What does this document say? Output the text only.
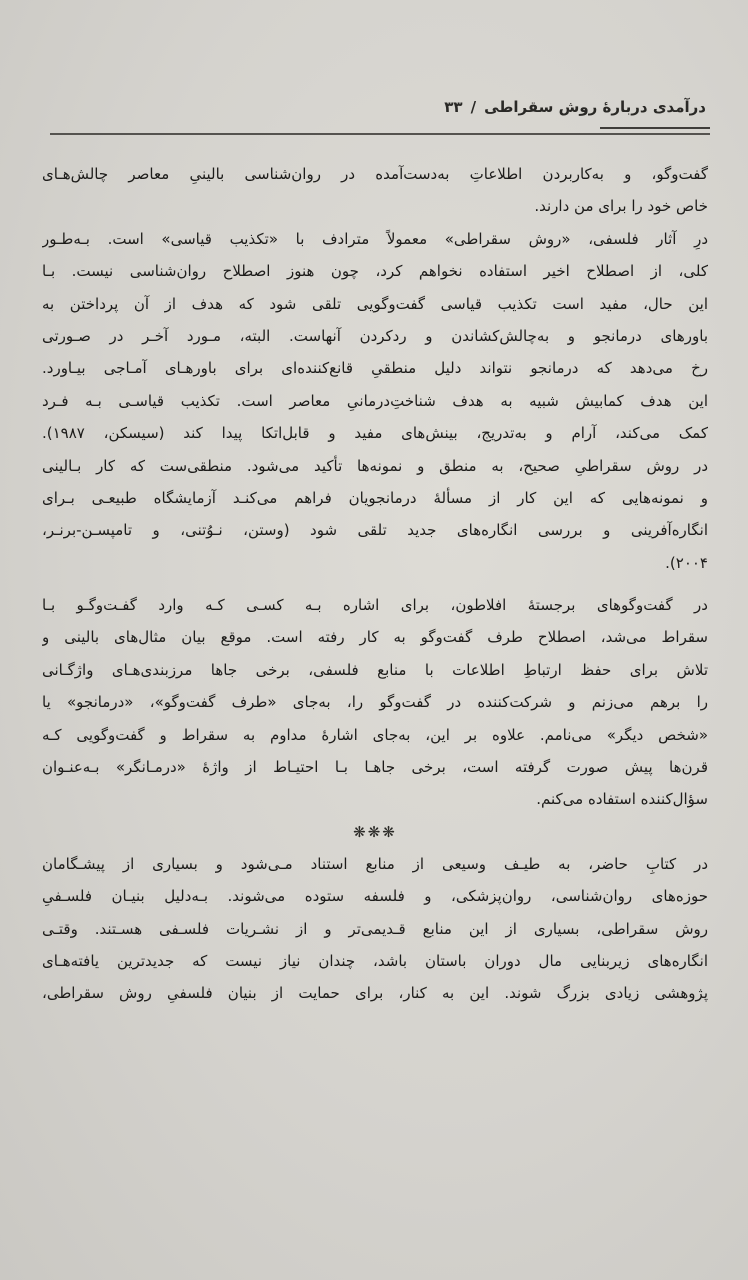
درآمدی دربارهٔ روش سقراطی/۳۳
گفت‌وگو، و به‌کاربردن اطلاعاتِ به‌دست‌آمده در روان‌شناسی بالینیِ معاصر چالش‌هـای
خاص خود را برای من دارند.
درِ آثار فلسفی، «روش سقراطی» معمولاً مترادف با «تکذیب قیاسی» است. بـه‌طـور
کلی، از اصطلاح اخیر استفاده نخواهم کرد، چون هنوز اصطلاح روان‌شناسی نیست. بـا
این حال، مفید است تکذیب قیاسی گفت‌وگویی تلقی شود که هدف از آن پرداختن به
باورهای درمانجو و به‌چالش‌کشاندن و ردکردن آنهاست. البته، مـورد آخـر در صـورتی
رخ می‌دهد که درمانجو نتواند دلیل منطقیِ قانع‌کننده‌ای برای باورهـای آمـاجی بیـاورد.
این هدف کمابیش شبیه به هدف شناختِ‌درمانیِ معاصر است. تکذیب قیاسـی بـه فـرد
کمک می‌کند، آرام و به‌تدریج، بینش‌های مفید و قابل‌اتکا پیدا کند (سیسکن، ۱۹۸۷).
در روش سقراطیِ صحیح، به منطق و نمونه‌ها تأکید می‌شود. منطقی‌ست که کار بـالینی
و نمونه‌هایی که این کار از مسألهٔ درمانجویان فراهم می‌کنـد آزمایشگاه طبیعـی بـرای
انگاره‌آفرینی و بررسی انگاره‌های جدید تلقی شود (وستن، نـوُتنی، و تامپسـن-برنـر،
۲۰۰۴).
در گفت‌وگوهای برجستهٔ افلاطون، برای اشاره بـه کسـی کـه وارد گفـت‌وگـو بـا
سقراط می‌شد، اصطلاح طرف گفت‌وگو به کار رفته است. موقع بیان مثال‌های بالینی و
تلاش برای حفظ ارتباطِ اطلاعات با منابع فلسفی، برخی جاها مرزبندی‌هـای واژگـانی
را برهم می‌زنم و شرکت‌کننده در گفت‌وگو را، به‌جای «طرف گفت‌وگو»، «درمانجو» یا
«شخص دیگر» می‌نامم. علاوه بر این، به‌جای اشارهٔ مداوم به سقراط و گفت‌وگویی کـه
قرن‌ها پیش صورت گرفته است، برخی جاهـا بـا احتیـاط از واژهٔ «درمـانگر» بـه‌عنـوان
سؤال‌کننده استفاده می‌کنم.
❋❋❋
در کتابِ حاضر، به طیـف وسیعی از منابع استناد مـی‌شود و بسیاری از پیشـگامان
حوزه‌های روان‌شناسی، روان‌پزشکی، و فلسفه ستوده می‌شوند. بـه‌دلیل بنیـان فلسـفیِ
روش سقراطی، بسیاری از این منابع قـدیمی‌تر و از نشـریات فلسـفی هسـتند. وقتـی
انگاره‌های زیربنایی مال دوران باستان باشد، چندان نیاز نیست که جدیدترین یافته‌هـای
پژوهشی زیادی بزرگ شوند. این به کنار، برای حمایت از بنیان فلسفیِ روش سقراطی،
